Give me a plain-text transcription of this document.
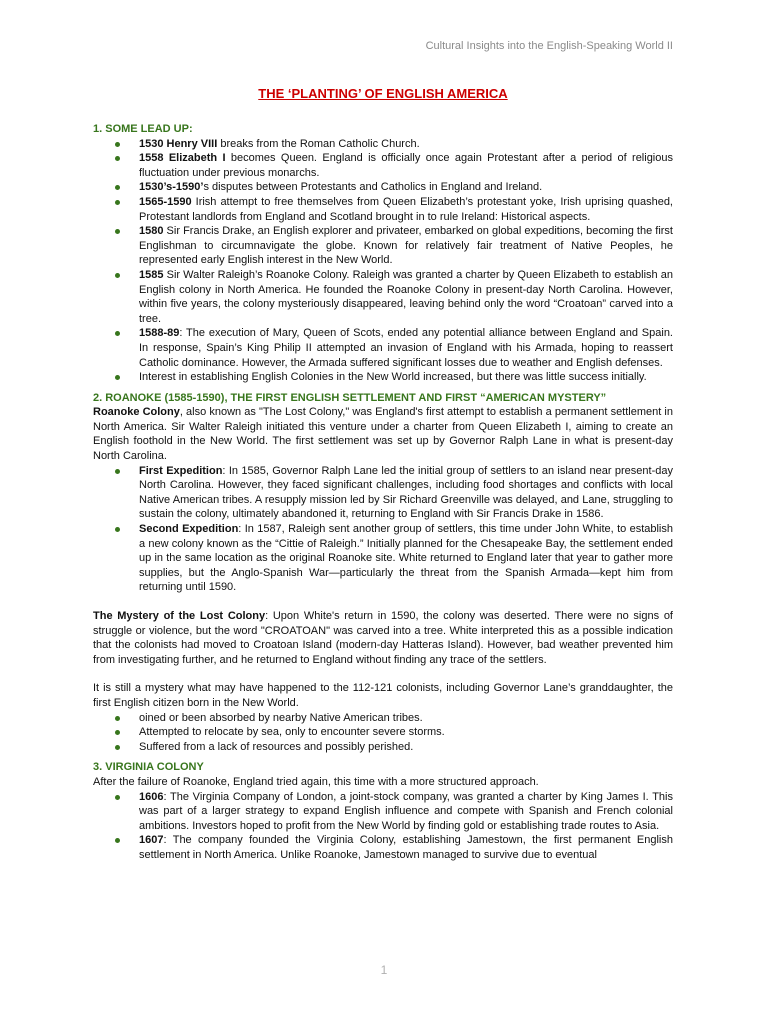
Cultural Insights into the English-Speaking World II
THE ‘PLANTING’ OF ENGLISH AMERICA
1. SOME LEAD UP:
1530 Henry VIII breaks from the Roman Catholic Church.
1558 Elizabeth I becomes Queen. England is officially once again Protestant after a period of religious fluctuation under previous monarchs.
1530’s-1590’s disputes between Protestants and Catholics in England and Ireland.
1565-1590 Irish attempt to free themselves from Queen Elizabeth’s protestant yoke, Irish uprising quashed, Protestant landlords from England and Scotland brought in to rule Ireland: Historical aspects.
1580 Sir Francis Drake, an English explorer and privateer, embarked on global expeditions, becoming the first Englishman to circumnavigate the globe. Known for relatively fair treatment of Native Peoples, he represented early English interest in the New World.
1585 Sir Walter Raleigh’s Roanoke Colony. Raleigh was granted a charter by Queen Elizabeth to establish an English colony in North America. He founded the Roanoke Colony in present-day North Carolina. However, within five years, the colony mysteriously disappeared, leaving behind only the word “Croatoan” carved into a tree.
1588-89: The execution of Mary, Queen of Scots, ended any potential alliance between England and Spain. In response, Spain’s King Philip II attempted an invasion of England with his Armada, hoping to reassert Catholic dominance. However, the Armada suffered significant losses due to weather and English defenses.
Interest in establishing English Colonies in the New World increased, but there was little success initially.
2. ROANOKE (1585-1590), THE FIRST ENGLISH SETTLEMENT AND FIRST “AMERICAN MYSTERY”

Roanoke Colony, also known as "The Lost Colony," was England's first attempt to establish a permanent settlement in North America. Sir Walter Raleigh initiated this venture under a charter from Queen Elizabeth I, aiming to create an English foothold in the New World. The first settlement was set up by Governor Ralph Lane in what is present-day North Carolina.

First Expedition: In 1585, Governor Ralph Lane led the initial group of settlers to an island near present-day North Carolina. However, they faced significant challenges, including food shortages and conflicts with local Native American tribes. A resupply mission led by Sir Richard Greenville was delayed, and Lane, struggling to sustain the colony, ultimately abandoned it, returning to England with Sir Francis Drake in 1586.
Second Expedition: In 1587, Raleigh sent another group of settlers, this time under John White, to establish a new colony known as the “Cittie of Raleigh.” Initially planned for the Chesapeake Bay, the settlement ended up in the same location as the original Roanoke site. White returned to England later that year to gather more supplies, but the Anglo-Spanish War—particularly the threat from the Spanish Armada—kept him from returning until 1590.

The Mystery of the Lost Colony: Upon White's return in 1590, the colony was deserted. There were no signs of struggle or violence, but the word "CROATOAN" was carved into a tree. White interpreted this as a possible indication that the colonists had moved to Croatoan Island (modern-day Hatteras Island). However, bad weather prevented him from investigating further, and he returned to England without finding any trace of the settlers.

It is still a mystery what may have happened to the 112-121 colonists, including Governor Lane’s granddaughter, the first English citizen born in the New World.

oined or been absorbed by nearby Native American tribes.
Attempted to relocate by sea, only to encounter severe storms.
Suffered from a lack of resources and possibly perished.
3. VIRGINIA COLONY

After the failure of Roanoke, England tried again, this time with a more structured approach.

1606: The Virginia Company of London, a joint-stock company, was granted a charter by King James I. This was part of a larger strategy to expand English influence and compete with Spanish and French colonial ambitions. Investors hoped to profit from the New World by finding gold or establishing trade routes to Asia.
1607: The company founded the Virginia Colony, establishing Jamestown, the first permanent English settlement in North America. Unlike Roanoke, Jamestown managed to survive due to eventual
1
